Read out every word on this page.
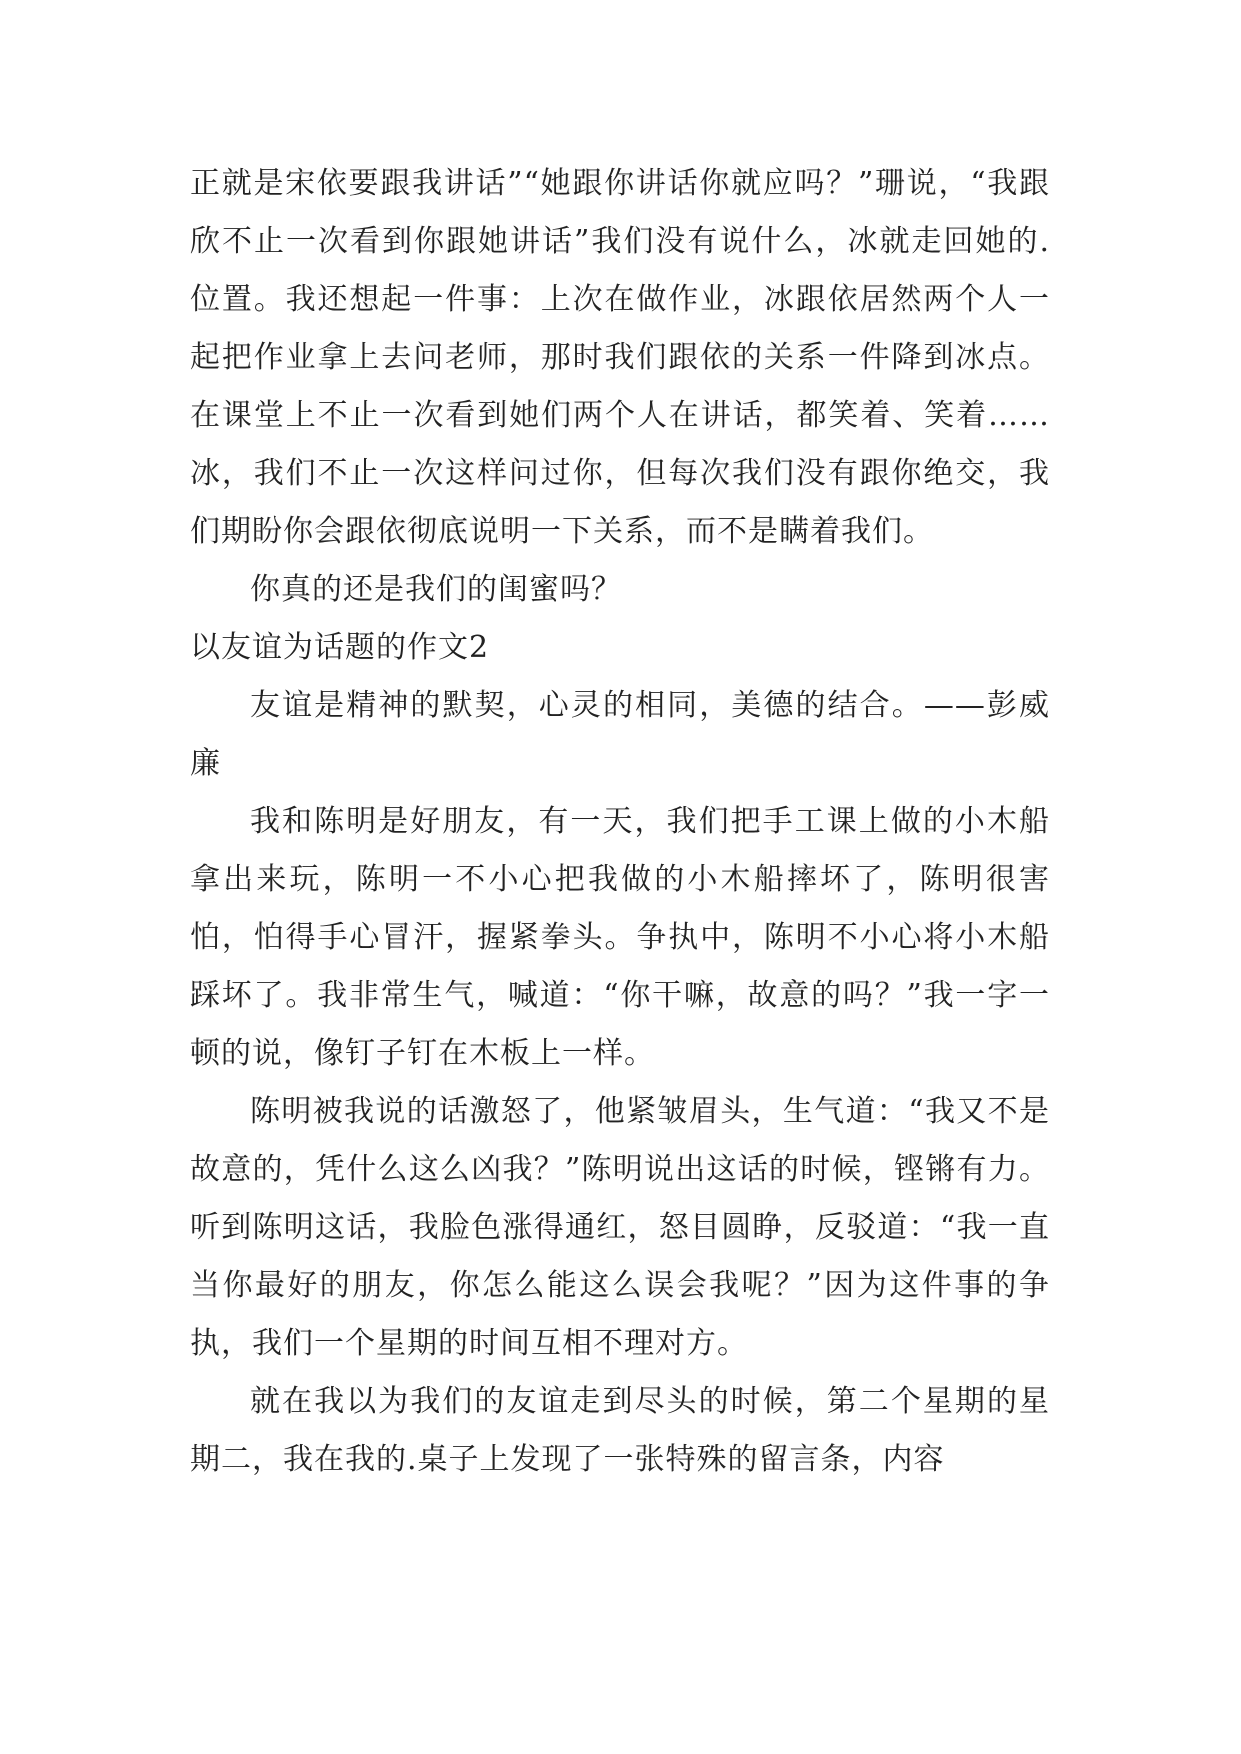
正就是宋依要跟我讲话”“她跟你讲话你就应吗？”珊说，“我跟欣不止一次看到你跟她讲话”我们没有说什么，冰就走回她的.位置。我还想起一件事：上次在做作业，冰跟依居然两个人一起把作业拿上去问老师，那时我们跟依的关系一件降到冰点。在课堂上不止一次看到她们两个人在讲话，都笑着、笑着……冰，我们不止一次这样问过你，但每次我们没有跟你绝交，我们期盼你会跟依彻底说明一下关系，而不是瞒着我们。

你真的还是我们的闺蜜吗？

以友谊为话题的作文2

友谊是精神的默契，心灵的相同，美德的结合。——彭威廉

我和陈明是好朋友，有一天，我们把手工课上做的小木船拿出来玩，陈明一不小心把我做的小木船摔坏了，陈明很害怕，怕得手心冒汗，握紧拳头。争执中，陈明不小心将小木船踩坏了。我非常生气，喊道：“你干嘛，故意的吗？”我一字一顿的说，像钉子钉在木板上一样。

陈明被我说的话激怒了，他紧皱眉头，生气道：“我又不是故意的，凭什么这么凶我？”陈明说出这话的时候，铿锵有力。听到陈明这话，我脸色涨得通红，怒目圆睁，反驳道：“我一直当你最好的朋友，你怎么能这么误会我呢？”因为这件事的争执，我们一个星期的时间互相不理对方。

就在我以为我们的友谊走到尽头的时候，第二个星期的星期二，我在我的.桌子上发现了一张特殊的留言条，内容
